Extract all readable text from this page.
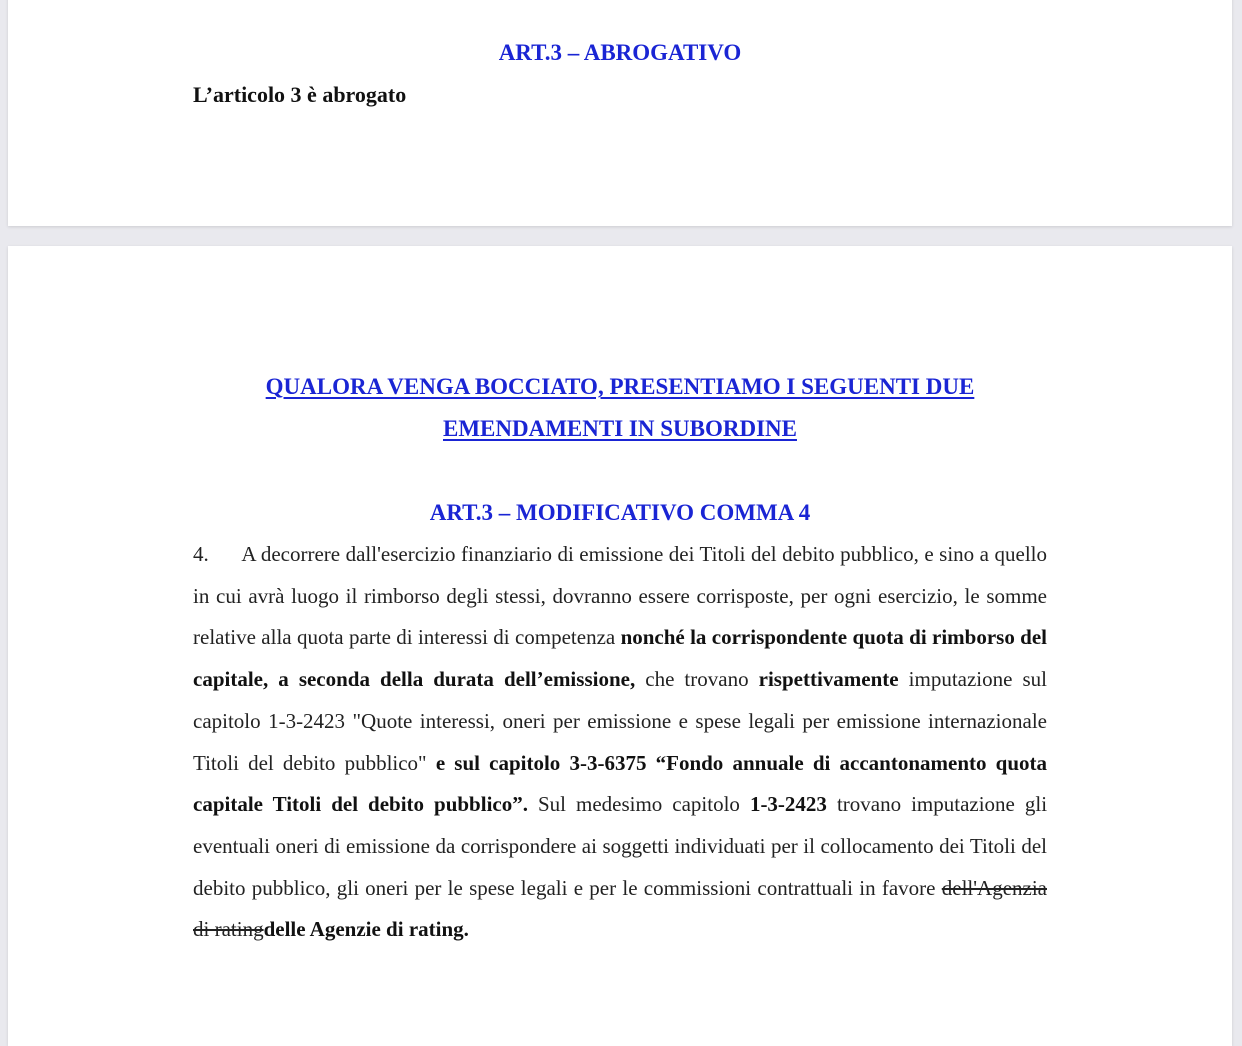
ART.3 – ABROGATIVO

L’articolo 3 è abrogato

QUALORA VENGA BOCCIATO, PRESENTIAMO I SEGUENTI DUE
EMENDAMENTI IN SUBORDINE
ART.3 – MODIFICATIVO COMMA 4

4. A decorrere dall'esercizio finanziario di emissione dei Titoli del debito pubblico, e sino a quello in cui avrà luogo il rimborso degli stessi, dovranno essere corrisposte, per ogni esercizio, le somme relative alla quota parte di interessi di competenza nonché la corrispondente quota di rimborso del capitale, a seconda della durata dell’emissione, che trovano rispettivamente imputazione sul capitolo 1-3-2423 "Quote interessi, oneri per emissione e spese legali per emissione internazionale Titoli del debito pubblico" e sul capitolo 3-3-6375 “Fondo annuale di accantonamento quota capitale Titoli del debito pubblico”. Sul medesimo capitolo 1-3-2423 trovano imputazione gli eventuali oneri di emissione da corrispondere ai soggetti individuati per il collocamento dei Titoli del debito pubblico, gli oneri per le spese legali e per le commissioni contrattuali in favore dell'Agenzia di ratingdelle Agenzie di rating.
